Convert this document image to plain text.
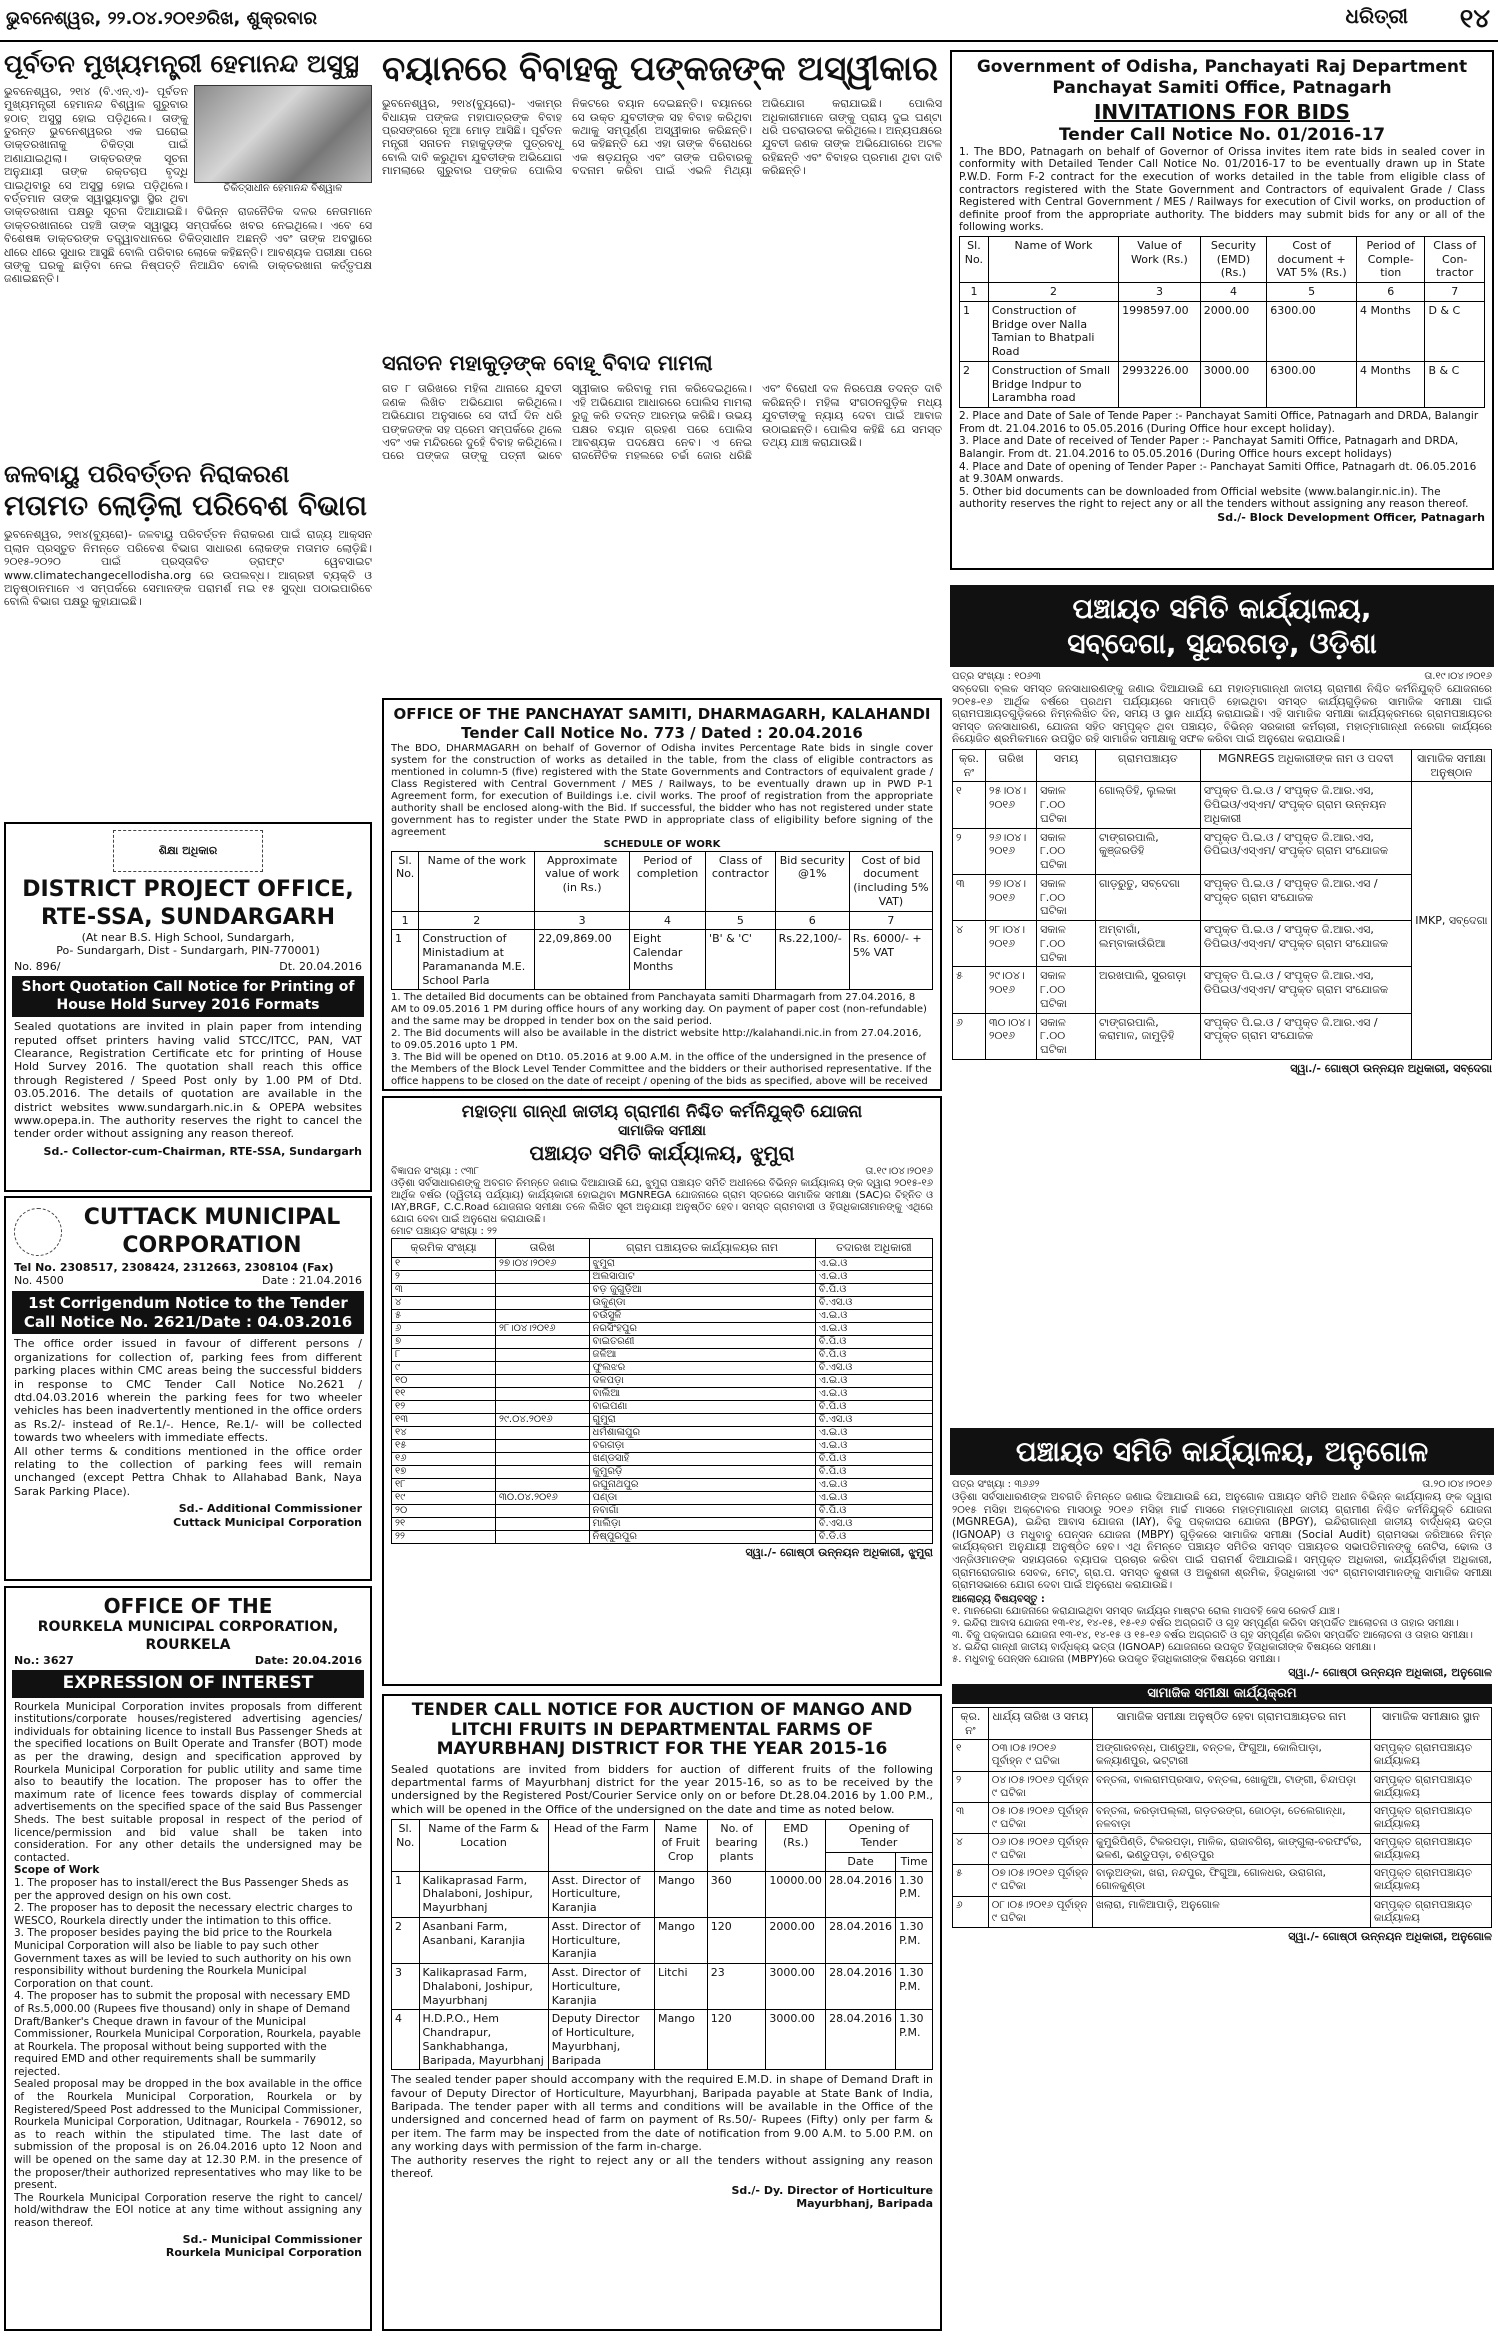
ଭୁବନେଶ୍ୱର, ୨୨.୦୪.୨୦୧୬ରିଖ, ଶୁକ୍ରବାର	ଧରିତ୍ରୀ ୧୪
ପୂର୍ବତନ ମୁଖ୍ୟମନ୍ତ୍ରୀ ହେମାନନ୍ଦ ଅସୁସ୍ଥ
ଚିକିତ୍ସାଧୀନ ହେମାନନ୍ଦ ବିଶ୍ୱାଳ

ଭୁବନେଶ୍ୱର, ୨୧ା୪ (ବି.ଏନ୍‌.ଏ)- ପୂର୍ବତନ ମୁଖ୍ୟମନ୍ତ୍ରୀ ହେମାନନ୍ଦ ବିଶ୍ୱାଳ ଗୁରୁବାର ହଠାତ୍‌ ଅସୁସ୍ଥ ହୋଇ ପଡ଼ିଥିଲେ। ତାଙ୍କୁ ତୁରନ୍ତ ଭୁବନେଶ୍ୱରର ଏକ ଘରୋଇ ଡାକ୍ତରଖାନାକୁ ଚିକିତ୍ସା ପାଇଁ ଅଣାଯାଇଥିଲା। ଡାକ୍ତରଙ୍କ ସୂଚନା ଅନୁଯାୟୀ ତାଙ୍କ ରକ୍ତଚାପ ବୃଦ୍ଧି ପାଇଥିବାରୁ ସେ ଅସୁସ୍ଥ ହୋଇ ପଡ଼ିଥିଲେ। ବର୍ତ୍ତମାନ ତାଙ୍କ ସ୍ୱାସ୍ଥ୍ୟାବସ୍ଥା ସ୍ଥିର ଥିବା ଡାକ୍ତରଖାନା ପକ୍ଷରୁ ସୂଚନା ଦିଆଯାଇଛି। ବିଭିନ୍ନ ରାଜନୈତିକ ଦଳର ନେତାମାନେ ଡାକ୍ତରଖାନାରେ ପହଞ୍ଚି ତାଙ୍କ ସ୍ୱାସ୍ଥ୍ୟ ସମ୍ପର୍କରେ ଖବର ନେଇଥିଲେ। ଏବେ ସେ ବିଶେଷଜ୍ଞ ଡାକ୍ତରଙ୍କ ତତ୍ତ୍ୱାବଧାନରେ ଚିକିତ୍ସାଧୀନ ଅଛନ୍ତି ଏବଂ ତାଙ୍କ ଅବସ୍ଥାରେ ଧୀରେ ଧୀରେ ସୁଧାର ଆସୁଛି ବୋଲି ପରିବାର ଲୋକେ କହିଛନ୍ତି। ଆବଶ୍ୟକ ପରୀକ୍ଷା ପରେ ତାଙ୍କୁ ଘରକୁ ଛାଡ଼ିବା ନେଇ ନିଷ୍ପତ୍ତି ନିଆଯିବ ବୋଲି ଡାକ୍ତରଖାନା କର୍ତ୍ତୃପକ୍ଷ ଜଣାଇଛନ୍ତି।

ଜଳବାୟୁ ପରିବର୍ତ୍ତନ ନିରାକରଣ
ମତାମତ ଲୋଡ଼ିଲା ପରିବେଶ ବିଭାଗ

ଭୁବନେଶ୍ୱର, ୨୧ା୪(ବ୍ୟୁରୋ)- ଜଳବାୟୁ ପରିବର୍ତ୍ତନ ନିରାକରଣ ପାଇଁ ରାଜ୍ୟ ଆକ୍‌ସନ ପ୍ଲାନ ପ୍ରସ୍ତୁତ ନିମନ୍ତେ ପରିବେଶ ବିଭାଗ ସାଧାରଣ ଲୋକଙ୍କ ମତାମତ ଲୋଡ଼ିଛି। ୨୦୧୫-୨୦୨୦ ପାଇଁ ପ୍ରସ୍ତାବିତ ଡ୍ରାଫ୍ଟ ୱେବସାଇଟ www.climatechangecellodisha.org ରେ ଉପଲବ୍ଧ। ଆଗ୍ରହୀ ବ୍ୟକ୍ତି ଓ ଅନୁଷ୍ଠାନମାନେ ଏ ସମ୍ପର୍କରେ ସେମାନଙ୍କ ପରାମର୍ଶ ମଇ ୧୫ ସୁଦ୍ଧା ପଠାଇପାରିବେ ବୋଲି ବିଭାଗ ପକ୍ଷରୁ କୁହାଯାଇଛି।

ଶିକ୍ଷା ଅଧିକାର
DISTRICT PROJECT OFFICE,
RTE-SSA, SUNDARGARH
(At near B.S. High School, Sundargarh,
Po- Sundargarh, Dist - Sundargarh, PIN-770001)
No. 896/	Dt. 20.04.2016
Short Quotation Call Notice for Printing of House Hold Survey 2016 Formats

Sealed quotations are invited in plain paper from intending reputed offset printers having valid STCC/ITCC, PAN, VAT Clearance, Registration Certificate etc for printing of House Hold Survey 2016. The quotation shall reach this office through Registered / Speed Post only by 1.00 PM of Dtd. 03.05.2016. The details of quotation are available in the district websites www.sundargarh.nic.in & OPEPA websites www.opepa.in. The authority reserves the right to cancel the tender order without assigning any reason thereof.

Sd.- Collector-cum-Chairman, RTE-SSA, Sundargarh
CUTTACK MUNICIPAL
CORPORATION
Tel No. 2308517, 2308424, 2312663, 2308104 (Fax)
No. 4500	Date : 21.04.2016
1st Corrigendum Notice to the Tender Call Notice No. 2621/Date : 04.03.2016

The office order issued in favour of different persons / organizations for collection of, parking fees from different parking places within CMC areas being the successful bidders in response to CMC Tender Call Notice No.2621 / dtd.04.03.2016 wherein the parking fees for two wheeler vehicles has been inadvertently mentioned in the office orders as Rs.2/- instead of Re.1/-. Hence, Re.1/- will be collected towards two wheelers with immediate effects.

All other terms & conditions mentioned in the office order relating to the collection of parking fees will remain unchanged (except Pettra Chhak to Allahabad Bank, Naya Sarak Parking Place).

Sd.- Additional Commissioner
Cuttack Municipal Corporation
OFFICE OF THE
ROURKELA MUNICIPAL CORPORATION, ROURKELA
No.: 3627	Date: 20.04.2016
EXPRESSION OF INTEREST

Rourkela Municipal Corporation invites proposals from different institutions/corporate houses/registered advertising agencies/ individuals for obtaining licence to install Bus Passenger Sheds at the specified locations on Built Operate and Transfer (BOT) mode as per the drawing, design and specification approved by Rourkela Municipal Corporation for public utility and same time also to beautify the location. The proposer has to offer the maximum rate of licence fees towards display of commercial advertisements on the specified space of the said Bus Passenger Sheds. The best suitable proposal in respect of the period of licence/permission and bid value shall be taken into consideration. For any other details the undersigned may be contacted.

Scope of Work
1. The proposer has to install/erect the Bus Passenger Sheds as per the approved design on his own cost.
2. The proposer has to deposit the necessary electric charges to WESCO, Rourkela directly under the intimation to this office.
3. The proposer besides paying the bid price to the Rourkela Municipal Corporation will also be liable to pay such other Government taxes as will be levied to such authority on his own responsibility without burdening the Rourkela Municipal Corporation on that count.
4. The proposer has to submit the proposal with necessary EMD of Rs.5,000.00 (Rupees five thousand) only in shape of Demand Draft/Banker's Cheque drawn in favour of the Municipal Commissioner, Rourkela Municipal Corporation, Rourkela, payable at Rourkela. The proposal without being supported with the required EMD and other requirements shall be summarily rejected.

Sealed proposal may be dropped in the box available in the office of the Rourkela Municipal Corporation, Rourkela or by Registered/Speed Post addressed to the Municipal Commissioner, Rourkela Municipal Corporation, Uditnagar, Rourkela - 769012, so as to reach within the stipulated time. The last date of submission of the proposal is on 26.04.2016 upto 12 Noon and will be opened on the same day at 12.30 P.M. in the presence of the proposer/their authorized representatives who may like to be present.
The Rourkela Municipal Corporation reserve the right to cancel/ hold/withdraw the EOI notice at any time without assigning any reason thereof.

Sd.- Municipal Commissioner
Rourkela Municipal Corporation
ବୟାନରେ ବିବାହକୁ ପଙ୍କଜଙ୍କ ଅସ୍ୱୀକାର

ଭୁବନେଶ୍ୱର, ୨୧ା୪(ବ୍ୟୁରୋ)- ଏକାମ୍ର ବିଧାୟକ ପଙ୍କଜ ମହାପାତ୍ରଙ୍କ ବିବାହ ପ୍ରସଙ୍ଗରେ ନୂଆ ମୋଡ଼ ଆସିଛି। ପୂର୍ବତନ ମନ୍ତ୍ରୀ ସନାତନ ମହାକୁଡ଼ଙ୍କ ପୁତ୍ରବଧୂ ବୋଲି ଦାବି କରୁଥିବା ଯୁବତୀଙ୍କ ଅଭିଯୋଗ ମାମଲାରେ ଗୁରୁବାର ପଙ୍କଜ ପୋଲିସ ନିକଟରେ ବୟାନ ଦେଇଛନ୍ତି। ବୟାନରେ ସେ ଉକ୍ତ ଯୁବତୀଙ୍କ ସହ ବିବାହ କରିଥିବା କଥାକୁ ସମ୍ପୂର୍ଣ୍ଣ ଅସ୍ୱୀକାର କରିଛନ୍ତି। ସେ କହିଛନ୍ତି ଯେ ଏହା ତାଙ୍କ ବିରୋଧରେ ଏକ ଷଡ଼ଯନ୍ତ୍ର ଏବଂ ତାଙ୍କ ପରିବାରକୁ ବଦନାମ କରିବା ପାଇଁ ଏଭଳି ମିଥ୍ୟା ଅଭିଯୋଗ କରାଯାଇଛି। ପୋଲିସ ଅଧିକାରୀମାନେ ତାଙ୍କୁ ପ୍ରାୟ ଦୁଇ ଘଣ୍ଟା ଧରି ପଚରାଉଚରା କରିଥିଲେ। ଅନ୍ୟପକ୍ଷରେ ଯୁବତୀ ଜଣକ ତାଙ୍କ ଅଭିଯୋଗରେ ଅଟଳ ରହିଛନ୍ତି ଏବଂ ବିବାହର ପ୍ରମାଣ ଥିବା ଦାବି କରିଛନ୍ତି।

ସନାତନ ମହାକୁଡ଼ଙ୍କ ବୋହୂ ବିବାଦ ମାମଲା

ଗତ ୮ ତାରିଖରେ ମହିଳା ଥାନାରେ ଯୁବତୀ ଜଣକ ଲିଖିତ ଅଭିଯୋଗ କରିଥିଲେ। ଅଭିଯୋଗ ଅନୁସାରେ ସେ ଦୀର୍ଘ ଦିନ ଧରି ପଙ୍କଜଙ୍କ ସହ ପ୍ରେମ ସମ୍ପର୍କରେ ଥିଲେ ଏବଂ ଏକ ମନ୍ଦିରରେ ଦୁହେଁ ବିବାହ କରିଥିଲେ। ପରେ ପଙ୍କଜ ତାଙ୍କୁ ପତ୍ନୀ ଭାବେ ସ୍ୱୀକାର କରିବାକୁ ମନା କରିଦେଇଥିଲେ। ଏହି ଅଭିଯୋଗ ଆଧାରରେ ପୋଲିସ ମାମଲା ରୁଜୁ କରି ତଦନ୍ତ ଆରମ୍ଭ କରିଛି। ଉଭୟ ପକ୍ଷର ବୟାନ ଗ୍ରହଣ ପରେ ପୋଲିସ ଆବଶ୍ୟକ ପଦକ୍ଷେପ ନେବ। ଏ ନେଇ ରାଜନୈତିକ ମହଲରେ ଚର୍ଚ୍ଚା ଜୋର ଧରିଛି ଏବଂ ବିରୋଧୀ ଦଳ ନିରପେକ୍ଷ ତଦନ୍ତ ଦାବି କରିଛନ୍ତି। ମହିଳା ସଂଗଠନଗୁଡ଼ିକ ମଧ୍ୟ ଯୁବତୀଙ୍କୁ ନ୍ୟାୟ ଦେବା ପାଇଁ ଆବାଜ ଉଠାଇଛନ୍ତି। ପୋଲିସ କହିଛି ଯେ ସମସ୍ତ ତଥ୍ୟ ଯାଞ୍ଚ କରାଯାଉଛି।

OFFICE OF THE PANCHAYAT SAMITI, DHARMAGARH, KALAHANDI
Tender Call Notice No. 773 / Dated : 20.04.2016

The BDO, DHARMAGARH on behalf of Governor of Odisha invites Percentage Rate bids in single cover system for the construction of works as detailed in the table, from the class of eligible contractors as mentioned in column-5 (five) registered with the State Governments and Contractors of equivalent grade / Class Registered with Central Government / MES / Railways, to be eventually drawn up in PWD P-1 Agreement form, for execution of Buildings i.e. civil works. The proof of registration from the appropriate authority shall be enclosed along-with the Bid. If successful, the bidder who has not registered under state government has to register under the State PWD in appropriate class of eligibility before signing of the agreement

SCHEDULE OF WORK
Sl. No.	Name of the work	Approximate value of work (in Rs.)	Period of completion	Class of contractor	Bid security @1%	Cost of bid document (including 5% VAT)
1	2	3	4	5	6	7
1	Construction of Ministadium at Paramananda M.E. School Parla	22,09,869.00	Eight Calendar Months	'B' & 'C'	Rs.22,100/-	Rs. 6000/- + 5% VAT
1. The detailed Bid documents can be obtained from Panchayata samiti Dharmagarh from 27.04.2016, 8 AM to 09.05.2016 1 PM during office hours of any working day. On payment of paper cost (non-refundable) and the same may be dropped in tender box on the said period.
2. The Bid documents will also be available in the district website http://kalahandi.nic.in from 27.04.2016, to 09.05.2016 upto 1 PM.
3. The Bid will be opened on Dt10. 05.2016 at 9.00 A.M. in the office of the undersigned in the presence of the Members of the Block Level Tender Committee and the bidders or their authorised representative. If the office happens to be closed on the date of receipt / opening of the bids as specified, above will be received
ମହାତ୍ମା ଗାନ୍ଧୀ ଜାତୀୟ ଗ୍ରାମୀଣ ନିଶ୍ଚିତ କର୍ମନିଯୁକ୍ତି ଯୋଜନା
ସାମାଜିକ ସମୀକ୍ଷା
ପଞ୍ଚାୟତ ସମିତି କାର୍ଯ୍ୟାଳୟ, ଝୁମୁରା
ବିଜ୍ଞାପନ ସଂଖ୍ୟା : ୯୩୮	ତା.୧୯।୦୪।୨୦୧୬

ଓଡ଼ିଶା ସର୍ବସାଧାରଣଙ୍କୁ ଅବଗତ ନିମନ୍ତେ ଜଣାଇ ଦିଆଯାଉଛି ଯେ, ଝୁମୁରା ପଞ୍ଚାୟତ ସମିତି ଅଧୀନରେ ବିଭିନ୍ନ କାର୍ଯ୍ୟାଳୟ ଙ୍କ ଦ୍ୱାରା ୨୦୧୫-୧୬ ଆର୍ଥିକ ବର୍ଷର (ଦ୍ୱିତୀୟ ପର୍ଯ୍ୟାୟ) କାର୍ଯ୍ୟକାରୀ ହୋଇଥିବା MGNREGA ଯୋଜନାରେ ଗ୍ରାମ ସ୍ତରରେ ସାମାଜିକ ସମୀକ୍ଷା (SAC)ର ଚିହ୍ନିତ ଓ IAY,BRGF, C.C.Road ଯୋଜନାର ସମୀକ୍ଷା ତଳେ ଲିଖିତ ସୂଚୀ ଅନୁଯାୟୀ ଅନୁଷ୍ଠିତ ହେବ। ସମସ୍ତ ଗ୍ରାମବାସୀ ଓ ହିତାଧିକାରୀମାନଙ୍କୁ ଏଥିରେ ଯୋଗ ଦେବା ପାଇଁ ଅନୁରୋଧ କରାଯାଉଛି।

ମୋଟ ପଞ୍ଚାୟତ ସଂଖ୍ୟା : ୨୨
କ୍ରମିକ ସଂଖ୍ୟା	ତାରିଖ	ଗ୍ରାମ ପଞ୍ଚାୟତର କାର୍ଯ୍ୟାଳୟର ନାମ	ତଦାରଖ ଅଧିକାରୀ
୧	୨୭।୦୪।୨୦୧୬	ଝୁମୁରା	ଏ.ଇ.ଓ
୨		ଅଲସାପାଟ	ଏ.ଇ.ଓ
୩		ବଡ଼ ଜୁଗୁଡ଼ିଆ	ବି.ପି.ଓ
୪		ଉକୁଣ୍ଡା	ବି.ଏସ.ଓ
୫		ବଉଁସୁଳି	ଏ.ଇ.ଓ
୬	୨୮।୦୪।୨୦୧୬	ନରସିଂହପୁର	ଏ.ଇ.ଓ
୭		ବାଇତରଣୀ	ବି.ପି.ଓ
୮		ଜଳିଆ	ବି.ପି.ଓ
୯		ଫୁଲଝର	ବି.ଏସ.ଓ
୧୦		ଦଳପଡ଼ା	ଏ.ଇ.ଓ
୧୧		ବାଲିଆ	ଏ.ଇ.ଓ
୧୨		ବାଇପଣା	ବି.ପି.ଓ
୧୩	୨୯.୦୪.୨୦୧୬	ଗୁମୁରା	ବି.ଏସ.ଓ
୧୪		ଧର୍ମଶାଳାପୁର	ଏ.ଇ.ଓ
୧୫		ବରଗଡ଼ା	ଏ.ଇ.ଓ
୧୬		ଖଣ୍ଡସାହି	ବି.ପି.ଓ
୧୭		କୁମୁରଡ଼ି	ବି.ପି.ଓ
୧୮		ରଘୁନାଥପୁର	ଏ.ଇ.ଓ
୧୯	୩୦.୦୪.୨୦୧୬	ପଣ୍ଡା	ଏ.ଇ.ଓ
୨୦		ନବାଗାଁ	ବି.ପି.ଓ
୨୧		ମାଲିଡ଼ା	ବି.ଏସ.ଓ
୨୨		ନିଷ୍ପୁରପୁର	ବି.ଡି.ଓ
ସ୍ୱା./- ଗୋଷ୍ଠୀ ଉନ୍ନୟନ ଅଧିକାରୀ, ଝୁମୁରା
TENDER CALL NOTICE FOR AUCTION OF MANGO AND LITCHI FRUITS IN DEPARTMENTAL FARMS OF MAYURBHANJ DISTRICT FOR THE YEAR 2015-16

Sealed quotations are invited from bidders for auction of different fruits of the following departmental farms of Mayurbhanj district for the year 2015-16, so as to be received by the undersigned by the Registered Post/Courier Service only on or before Dt.28.04.2016 by 1.00 P.M., which will be opened in the Office of the undersigned on the date and time as noted below.

Sl. No.	Name of the Farm & Location	Head of the Farm	Name of Fruit Crop	No. of bearing plants	EMD (Rs.)	Opening of Tender	
						Date	Time
1	Kalikaprasad Farm, Dhalaboni, Joshipur, Mayurbhanj	Asst. Director of Horticulture, Karanjia	Mango	360	10000.00	28.04.2016	1.30 P.M.
2	Asanbani Farm, Asanbani, Karanjia	Asst. Director of Horticulture, Karanjia	Mango	120	2000.00	28.04.2016	1.30 P.M.
3	Kalikaprasad Farm, Dhalaboni, Joshipur, Mayurbhanj	Asst. Director of Horticulture, Karanjia	Litchi	23	3000.00	28.04.2016	1.30 P.M.
4	H.D.P.O., Hem Chandrapur, Sankhabhanga, Baripada, Mayurbhanj	Deputy Director of Horticulture, Mayurbhanj, Baripada	Mango	120	3000.00	28.04.2016	1.30 P.M.

The sealed tender paper should accompany with the required E.M.D. in shape of Demand Draft in favour of Deputy Director of Horticulture, Mayurbhanj, Baripada payable at State Bank of India, Baripada. The tender paper with all terms and conditions will be available in the Office of the undersigned and concerned head of farm on payment of Rs.50/- Rupees (Fifty) only per farm & per item. The farm may be inspected from the date of notification from 9.00 A.M. to 5.00 P.M. on any working days with permission of the farm in-charge.
The authority reserves the right to reject any or all the tenders without assigning any reason thereof.

Sd./- Dy. Director of Horticulture
Mayurbhanj, Baripada
Government of Odisha, Panchayati Raj Department
Panchayat Samiti Office, Patnagarh
INVITATIONS FOR BIDS
Tender Call Notice No. 01/2016-17

1. The BDO, Patnagarh on behalf of Governor of Orissa invites item rate bids in sealed cover in conformity with Detailed Tender Call Notice No. 01/2016-17 to be eventually drawn up in State P.W.D. Form F-2 contract for the execution of works detailed in the table from eligible class of contractors registered with the State Government and Contractors of equivalent Grade / Class Registered with Central Government / MES / Railways for execution of Civil works, on production of definite proof from the appropriate authority. The bidders may submit bids for any or all of the following works.

Sl. No.	Name of Work	Value of Work (Rs.)	Security (EMD) (Rs.)	Cost of document + VAT 5% (Rs.)	Period of Comple-tion	Class of Con-tractor
1	2	3	4	5	6	7
1	Construction of Bridge over Nalla Tamian to Bhatpali Road	1998597.00	2000.00	6300.00	4 Months	D & C
2	Construction of Small Bridge Indpur to Larambha road	2993226.00	3000.00	6300.00	4 Months	B & C
2. Place and Date of Sale of Tende Paper :- Panchayat Samiti Office, Patnagarh and DRDA, Balangir From dt. 21.04.2016 to 05.05.2016 (During Office hour except holiday).
3. Place and Date of received of Tender Paper :- Panchayat Samiti Office, Patnagarh and DRDA, Balangir. From dt. 21.04.2016 to 05.05.2016 (During Office hours except holidays)
4. Place and Date of opening of Tender Paper :- Panchayat Samiti Office, Patnagarh dt. 06.05.2016 at 9.30AM onwards.
5. Other bid documents can be downloaded from Official website (www.balangir.nic.in). The authority reserves the right to reject any or all the tenders without assigning any reason thereof.
Sd./- Block Development Officer, Patnagarh
ପଞ୍ଚାୟତ ସମିତି କାର୍ଯ୍ୟାଳୟ,
ସବ୍‌ଦେଗା, ସୁନ୍ଦରଗଡ଼, ଓଡ଼ିଶା
ପତ୍ର ସଂଖ୍ୟା : ୧୦୬୩	ତା.୧୯।୦୪।୨୦୧୬

ସବ୍‌ଦେଗା ବ୍ଲକ ସମସ୍ତ ଜନସାଧାରଣଙ୍କୁ ଜଣାଇ ଦିଆଯାଉଛି ଯେ ମହାତ୍ମାଗାନ୍ଧୀ ଜାତୀୟ ଗ୍ରାମୀଣ ନିଶ୍ଚିତ କର୍ମନିଯୁକ୍ତି ଯୋଜନାରେ ୨୦୧୫-୧୬ ଆର୍ଥିକ ବର୍ଷରେ ପ୍ରଥମ ପର୍ଯ୍ୟାୟରେ ସମାପ୍ତି ହୋଇଥିବା ସମସ୍ତ କାର୍ଯ୍ୟଗୁଡ଼ିକର ସାମାଜିକ ସମୀକ୍ଷା ପାଇଁ ଗ୍ରାମପଞ୍ଚାୟତଗୁଡ଼ିକରେ ନିମ୍ନଲିଖିତ ଦିନ, ସମୟ ଓ ସ୍ଥାନ ଧାର୍ଯ୍ୟ କରାଯାଇଛି। ଏହି ସାମାଜିକ ସମୀକ୍ଷା କାର୍ଯ୍ୟକ୍ରମରେ ଗ୍ରାମପଞ୍ଚାୟତର ସମସ୍ତ ଜନସାଧାରଣ, ଯୋଜନା ସହିତ ସମ୍ପୃକ୍ତ ଥିବା ପଞ୍ଚାୟତ, ବିଭିନ୍ନ ସରକାରୀ କର୍ମଚାରୀ, ମହାତ୍ମାଗାନ୍ଧୀ ନରେଗା କାର୍ଯ୍ୟରେ ନିୟୋଜିତ ଶ୍ରମିକମାନେ ଉପସ୍ଥିତ ରହି ସାମାଜିକ ସମୀକ୍ଷାକୁ ସଫଳ କରିବା ପାଇଁ ଅନୁରୋଧ କରାଯାଉଛି।

କ୍ର. ନଂ	ତାରିଖ	ସମୟ	ଗ୍ରାମପଞ୍ଚାୟତ	MGNREGS ଅଧିକାରୀଙ୍କ ନାମ ଓ ପଦବୀ	ସାମାଜିକ ସମୀକ୍ଷା ଅନୁଷ୍ଠାନ
୧	୨୫।୦୪।୨୦୧୬	ସକାଳ ୮.୦୦ ଘଟିକା	ଗୋଲ୍‌ଡିହି, ଲୁଲକା	ସଂପୃକ୍ତ ପି.ଇ.ଓ / ସଂପୃକ୍ତ ଜି.ଆର.ଏସ, ଡିପିଇଓ/ଏସ୍‌ଏମ/ ସଂପୃକ୍ତ ଗ୍ରାମ ଉନ୍ନୟନ ଅଧିକାରୀ	IMKP, ସବ୍‌ଦେଗା
୨	୨୬।୦୪।୨୦୧୬	ସକାଳ ୮.୦୦ ଘଟିକା	ଟାଙ୍ଗରପାଲି, କୁଞ୍ଜରଡିହି	ସଂପୃକ୍ତ ପି.ଇ.ଓ / ସଂପୃକ୍ତ ଜି.ଆର.ଏସ, ଡିପିଇଓ/ଏସ୍‌ଏମ/ ସଂପୃକ୍ତ ଗ୍ରାମ ସଂଯୋଜକ	
୩	୨୭।୦୪।୨୦୧୬	ସକାଳ ୮.୦୦ ଘଟିକା	ଗାଡ଼ରୁତୁ, ସବ୍‌ଦେଗା	ସଂପୃକ୍ତ ପି.ଇ.ଓ / ସଂପୃକ୍ତ ଜି.ଆର.ଏସ / ସଂପୃକ୍ତ ଗ୍ରାମ ସଂଯୋଜକ	
୪	୨୮।୦୪।୨୦୧୬	ସକାଳ ୮.୦୦ ଘଟିକା	ଅମ୍ବାଗାଁ, ଲମ୍ବାକାଉଁରିଆ	ସଂପୃକ୍ତ ପି.ଇ.ଓ / ସଂପୃକ୍ତ ଜି.ଆର.ଏସ, ଡିପିଇଓ/ଏସ୍‌ଏମ/ ସଂପୃକ୍ତ ଗ୍ରାମ ସଂଯୋଜକ	
୫	୨୯।୦୪।୨୦୧୬	ସକାଳ ୮.୦୦ ଘଟିକା	ଅରଖପାଲି, ସୁରଗଡ଼ା	ସଂପୃକ୍ତ ପି.ଇ.ଓ / ସଂପୃକ୍ତ ଜି.ଆର.ଏସ, ଡିପିଇଓ/ଏସ୍‌ଏମ/ ସଂପୃକ୍ତ ଗ୍ରାମ ସଂଯୋଜକ	
୬	୩୦।୦୪।୨୦୧୬	ସକାଳ ୮.୦୦ ଘଟିକା	ଟାଙ୍ଗରପାଲି, କରାମାଳ, ଜାମୁଡ଼ିହି	ସଂପୃକ୍ତ ପି.ଇ.ଓ / ସଂପୃକ୍ତ ଜି.ଆର.ଏସ / ସଂପୃକ୍ତ ଗ୍ରାମ ସଂଯୋଜକ	
ସ୍ୱା./- ଗୋଷ୍ଠୀ ଉନ୍ନୟନ ଅଧିକାରୀ, ସବ୍‌ଦେଗା
ପଞ୍ଚାୟତ ସମିତି କାର୍ଯ୍ୟାଳୟ, ଅନୁଗୋଳ
ପତ୍ର ସଂଖ୍ୟା : ୩୬୬୨	ତା.୨୦।୦୪।୨୦୧୬

ଓଡ଼ିଶା ସର୍ବସାଧାରଣଙ୍କ ଅବଗତି ନିମନ୍ତେ ଜଣାଇ ଦିଆଯାଉଛି ଯେ, ଅନୁଗୋଳ ପଞ୍ଚାୟତ ସମିତି ଅଧୀନ ବିଭିନ୍ନ କାର୍ଯ୍ୟାଳୟ ଙ୍କ ଦ୍ୱାରା ୨୦୧୫ ମସିହା ଅକ୍ଟୋବର ମାସଠାରୁ ୨୦୧୬ ମସିହା ମାର୍ଚ୍ଚ ମାସରେ ମହାତ୍ମାଗାନ୍ଧୀ ଜାତୀୟ ଗ୍ରାମୀଣ ନିଶ୍ଚିତ କର୍ମନିଯୁକ୍ତି ଯୋଜନା (MGNREGA), ଇନ୍ଦିରା ଆବାସ ଯୋଜନା (IAY), ବିଜୁ ପକ୍କାଘର ଯୋଜନା (BPGY), ଇନ୍ଦିରାଗାନ୍ଧୀ ଜାତୀୟ ବାର୍ଦ୍ଧକ୍ୟ ଭତ୍ତା (IGNOAP) ଓ ମଧୁବାବୁ ପେନ୍‌ସନ ଯୋଜନା (MBPY) ଗୁଡ଼ିକରେ ସାମାଜିକ ସମୀକ୍ଷା (Social Audit) ଗ୍ରାମସଭା ଜରିଆରେ ନିମ୍ନ କାର୍ଯ୍ୟକ୍ରମ ଅନୁଯାୟୀ ଅନୁଷ୍ଠିତ ହେବ। ଏଥି ନିମନ୍ତେ ପଞ୍ଚାୟତ ସମିତିର ସମସ୍ତ ପଞ୍ଚାୟତର ସଭାପତିମାନଙ୍କୁ ନୋଟିସ, ଢୋଲ ଓ ଏନ୍‌ଜିଓମାନଙ୍କ ସହାୟତାରେ ବ୍ୟାପକ ପ୍ରଚାର କରିବା ପାଇଁ ପରାମର୍ଶ ଦିଆଯାଇଛି। ସମ୍ପୃକ୍ତ ଅଧିକାରୀ, କାର୍ଯ୍ୟନିର୍ବାହୀ ଅଧିକାରୀ, ଗ୍ରାମରୋଜଗାର ସେବକ, ମେଟ୍, ଗ୍ରା.ପ. ସମସ୍ତ କୁଶଳୀ ଓ ଅକୁଶଳୀ ଶ୍ରମିକ, ହିତାଧିକାରୀ ଏବଂ ଗ୍ରାମବାସୀମାନଙ୍କୁ ସାମାଜିକ ସମୀକ୍ଷା ଗ୍ରାମସଭାରେ ଯୋଗ ଦେବା ପାଇଁ ଅନୁରୋଧ କରାଯାଉଛି।

ଆଲୋଚ୍ୟ ବିଷୟବସ୍ତୁ :
୧. ମାନରେଗା ଯୋଜନାରେ କରାଯାଇଥିବା ସମସ୍ତ କାର୍ଯ୍ୟର ମାଷ୍ଟର ରୋଲ ମାପବହି କେସ ରେକର୍ଡ ଯାଞ୍ଚ।
୨. ଇନ୍ଦିରା ଆବାସ ଯୋଜନା ୧୩-୧୪, ୧୪-୧୫, ୧୫-୧୬ ବର୍ଷର ଅଗ୍ରଗତି ଓ ଗୃହ ସମ୍ପୂର୍ଣ୍ଣ କରିବା ସମ୍ପର୍କିତ ଆଲୋଚନା ଓ ତାହାର ସମୀକ୍ଷା।
୩. ବିଜୁ ପକ୍କାଘର ଯୋଜନା ୧୩-୧୪, ୧୪-୧୫ ଓ ୧୫-୧୬ ବର୍ଷର ଅଗ୍ରଗତି ଓ ଗୃହ ସମ୍ପୂର୍ଣ୍ଣ କରିବା ସମ୍ପର୍କିତ ଆଲୋଚନା ଓ ତାହାର ସମୀକ୍ଷା।
୪. ଇନ୍ଦିରା ଗାନ୍ଧୀ ଜାତୀୟ ବାର୍ଦ୍ଧକ୍ୟ ଭତ୍ତା (IGNOAP) ଯୋଜନାରେ ଉପକୃତ ହିତାଧିକାରୀଙ୍କ ବିଷୟରେ ସମୀକ୍ଷା।
୫. ମଧୁବାବୁ ପେନ୍‌ସନ ଯୋଜନା (MBPY)ରେ ଉପକୃତ ହିତାଧିକାରୀଙ୍କ ବିଷୟରେ ସମୀକ୍ଷା।
ସ୍ୱା./- ଗୋଷ୍ଠୀ ଉନ୍ନୟନ ଅଧିକାରୀ, ଅନୁଗୋଳ
ସାମାଜିକ ସମୀକ୍ଷା କାର୍ଯ୍ୟକ୍ରମ
କ୍ର. ନଂ	ଧାର୍ଯ୍ୟ ତାରିଖ ଓ ସମୟ	ସାମାଜିକ ସମୀକ୍ଷା ଅନୁଷ୍ଠିତ ହେବା ଗ୍ରାମପଞ୍ଚାୟତର ନାମ	ସାମାଜିକ ସମୀକ୍ଷାର ସ୍ଥାନ
୧	୦୩।୦୫।୨୦୧୬ ପୂର୍ବାହ୍ନ ୯ ଘଟିକା	ଅଙ୍ଗାରବନ୍ଧ, ପାଣ୍ଡୁଆ, ବନ୍ତଳ, ଫିଗୁଆ, କୋଲିପାଡ଼ା, କଳ୍ୟାଣପୁର, ଭଟ୍ଟାରୀ	ସମ୍ପୃକ୍ତ ଗ୍ରାମପଞ୍ଚାୟତ କାର୍ଯ୍ୟାଳୟ
୨	୦୪।୦୫।୨୦୧୬ ପୂର୍ବାହ୍ନ ୯ ଘଟିକା	ବନ୍ତଳା, ବାଲରାମପ୍ରସାଦ, ବନ୍ତଳା, ଖୋକୁଆ, ଟାଙ୍ଗୀ, ଚିନ୍ଦାପଡ଼ା	ସମ୍ପୃକ୍ତ ଗ୍ରାମପଞ୍ଚାୟତ କାର୍ଯ୍ୟାଳୟ
୩	୦୫।୦୫।୨୦୧୬ ପୂର୍ବାହ୍ନ ୯ ଘଟିକା	ବନ୍ତଳା, କରଡ଼ାପଲ୍ଲୀ, ଗଡ଼ତରଙ୍ଗ, ଜୋଠଡ଼ା, ତେଲେଗାନ୍ଧା, ନଳବାଡ଼ା	ସମ୍ପୃକ୍ତ ଗ୍ରାମପଞ୍ଚାୟତ କାର୍ଯ୍ୟାଳୟ
୪	୦୬।୦୫।୨୦୧୬ ପୂର୍ବାହ୍ନ ୯ ଘଟିକା	କୁମୁରିପିଣ୍ଡି, ଟିକରପଡ଼ା, ମାଳିକ, ରାଜାବଗିଚା, କାଙ୍ଗୁଲା-ବରଫର୍ଟର, ଭଳଣ, ଭଣ୍ଡୁପଡ଼ା, ଚଣ୍ଡପୁର	ସମ୍ପୃକ୍ତ ଗ୍ରାମପଞ୍ଚାୟତ କାର୍ଯ୍ୟାଳୟ
୫	୦୭।୦୫।୨୦୧୬ ପୂର୍ବାହ୍ନ ୯ ଘଟିକା	ବାଲୁଅଙ୍କା, ଖରା, ନନ୍ଦପୁର, ଫିଗୁଆ, ଗୋଳଧର, ଉରାଗନା, ଗୋଳକୁଣ୍ଡା	ସମ୍ପୃକ୍ତ ଗ୍ରାମପଞ୍ଚାୟତ କାର୍ଯ୍ୟାଳୟ
୬	୦୮।୦୫।୨୦୧୬ ପୂର୍ବାହ୍ନ ୯ ଘଟିକା	ଖଲାରା, ମାଳିଆପାଡ଼ି, ଅନୁଗୋଳ	ସମ୍ପୃକ୍ତ ଗ୍ରାମପଞ୍ଚାୟତ କାର୍ଯ୍ୟାଳୟ
ସ୍ୱା./- ଗୋଷ୍ଠୀ ଉନ୍ନୟନ ଅଧିକାରୀ, ଅନୁଗୋଳ
